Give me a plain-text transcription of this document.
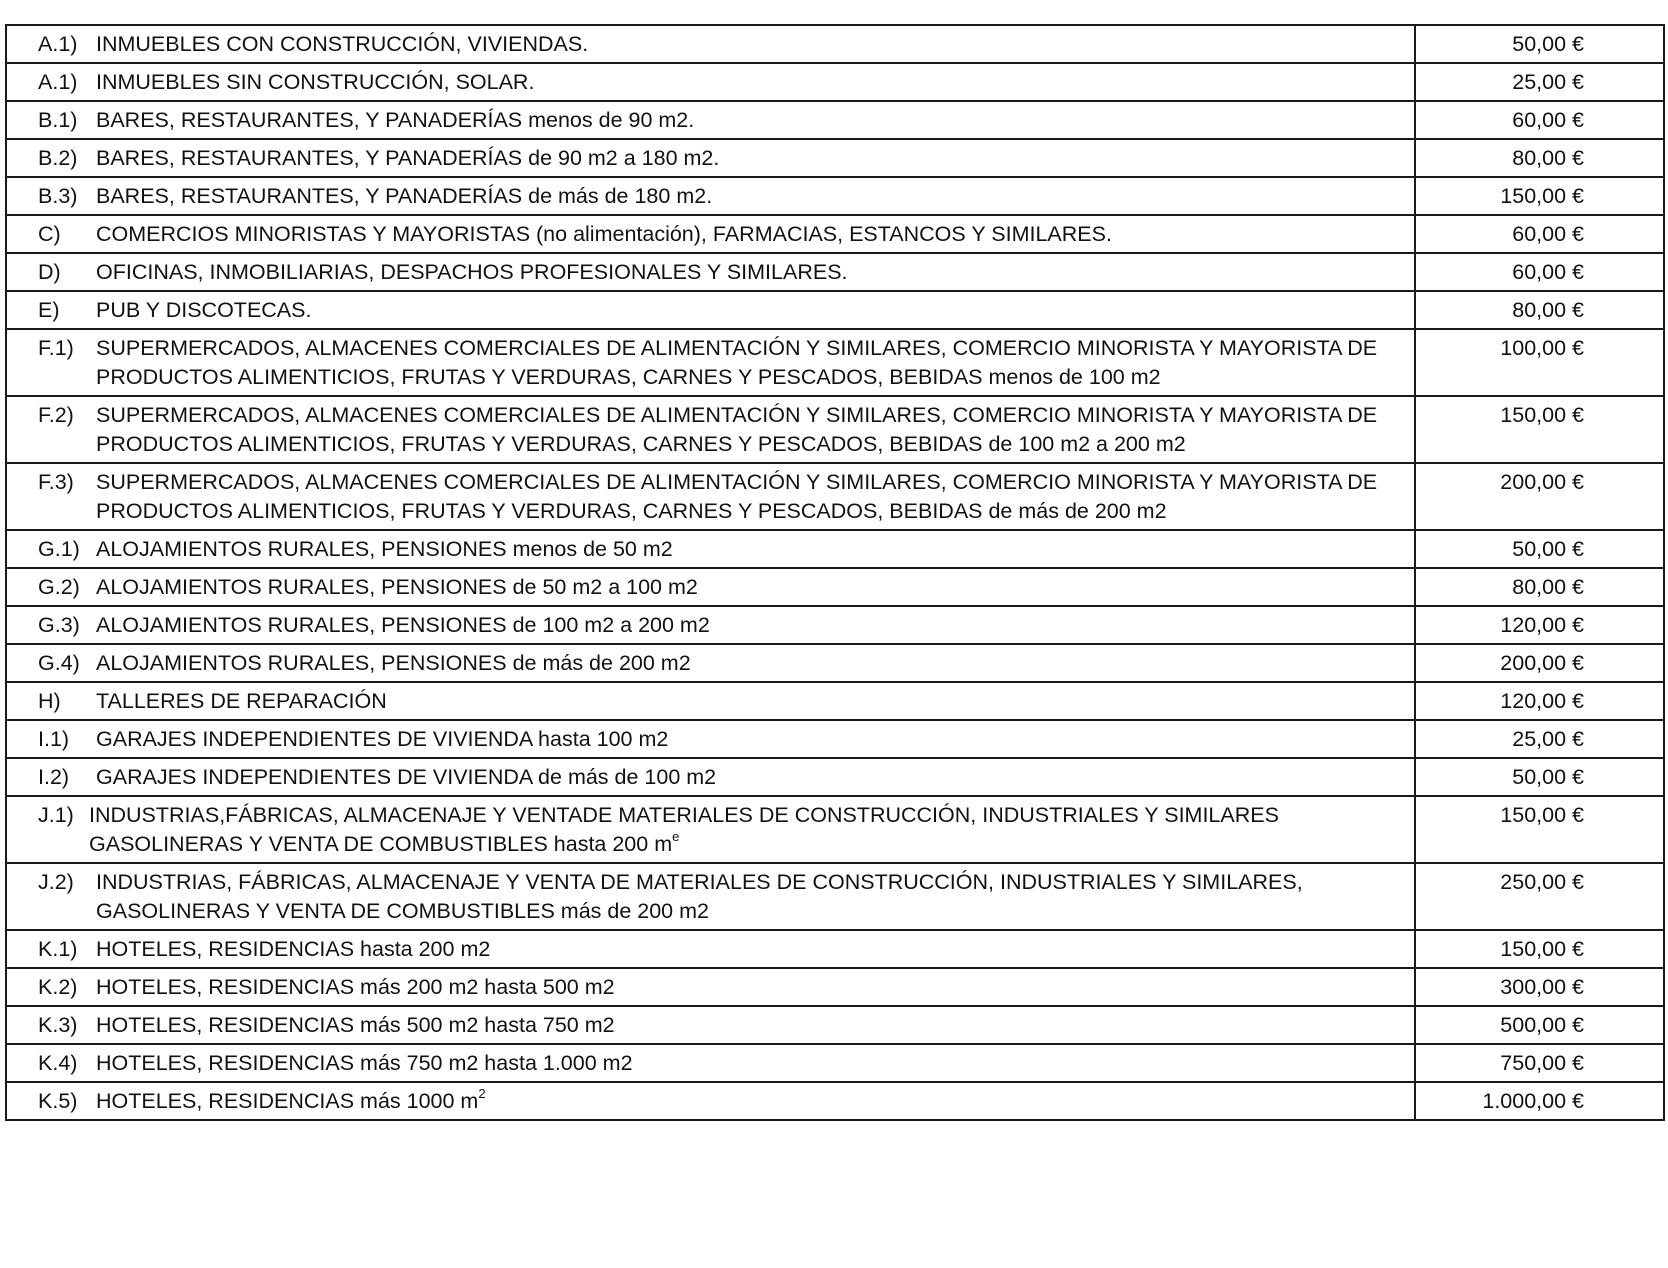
A.1) INMUEBLES CON CONSTRUCCIÓN, VIVIENDAS.	50,00 €

A.1) INMUEBLES SIN CONSTRUCCIÓN, SOLAR.	25,00 €

B.1) BARES, RESTAURANTES, Y PANADERÍAS menos de 90 m2.	60,00 €

B.2) BARES, RESTAURANTES, Y PANADERÍAS de 90 m2 a 180 m2.	80,00 €

B.3) BARES, RESTAURANTES, Y PANADERÍAS de más de 180 m2.	150,00 €

C) COMERCIOS MINORISTAS Y MAYORISTAS (no alimentación), FARMACIAS, ESTANCOS Y SIMILARES.	60,00 €

D) OFICINAS, INMOBILIARIAS, DESPACHOS PROFESIONALES Y SIMILARES.	60,00 €

E) PUB Y DISCOTECAS.	80,00 €

F.1) SUPERMERCADOS, ALMACENES COMERCIALES DE ALIMENTACIÓN Y SIMILARES, COMERCIO MINORISTA Y MAYORISTA DE PRODUCTOS ALIMENTICIOS, FRUTAS Y VERDURAS, CARNES Y PESCADOS, BEBIDAS menos de 100 m2	100,00 €

F.2) SUPERMERCADOS, ALMACENES COMERCIALES DE ALIMENTACIÓN Y SIMILARES, COMERCIO MINORISTA Y MAYORISTA DE PRODUCTOS ALIMENTICIOS, FRUTAS Y VERDURAS, CARNES Y PESCADOS, BEBIDAS de 100 m2 a 200 m2	150,00 €

F.3) SUPERMERCADOS, ALMACENES COMERCIALES DE ALIMENTACIÓN Y SIMILARES, COMERCIO MINORISTA Y MAYORISTA DE PRODUCTOS ALIMENTICIOS, FRUTAS Y VERDURAS, CARNES Y PESCADOS, BEBIDAS de más de 200 m2	200,00 €

G.1) ALOJAMIENTOS RURALES, PENSIONES menos de 50 m2	50,00 €

G.2) ALOJAMIENTOS RURALES, PENSIONES de 50 m2 a 100 m2	80,00 €

G.3) ALOJAMIENTOS RURALES, PENSIONES de 100 m2 a 200 m2	120,00 €

G.4) ALOJAMIENTOS RURALES, PENSIONES de más de 200 m2	200,00 €

H) TALLERES DE REPARACIÓN	120,00 €

I.1) GARAJES INDEPENDIENTES DE VIVIENDA hasta 100 m2	25,00 €

I.2) GARAJES INDEPENDIENTES DE VIVIENDA de más de 100 m2	50,00 €

J.1) INDUSTRIAS,FÁBRICAS, ALMACENAJE Y VENTADE MATERIALES DE CONSTRUCCIÓN, INDUSTRIALES Y SIMILARES GASOLINERAS Y VENTA DE COMBUSTIBLES hasta 200 $m^e$	150,00 €

J.2) INDUSTRIAS, FÁBRICAS, ALMACENAJE Y VENTA DE MATERIALES DE CONSTRUCCIÓN, INDUSTRIALES Y SIMILARES, GASOLINERAS Y VENTA DE COMBUSTIBLES más de 200 m2	250,00 €

K.1) HOTELES, RESIDENCIAS hasta 200 m2	150,00 €

K.2) HOTELES, RESIDENCIAS más 200 m2 hasta 500 m2	300,00 €

K.3) HOTELES, RESIDENCIAS más 500 m2 hasta 750 m2	500,00 €

K.4) HOTELES, RESIDENCIAS más 750 m2 hasta 1.000 m2	750,00 €

K.5) HOTELES, RESIDENCIAS más 1000 $m^2$	1.000,00 €
